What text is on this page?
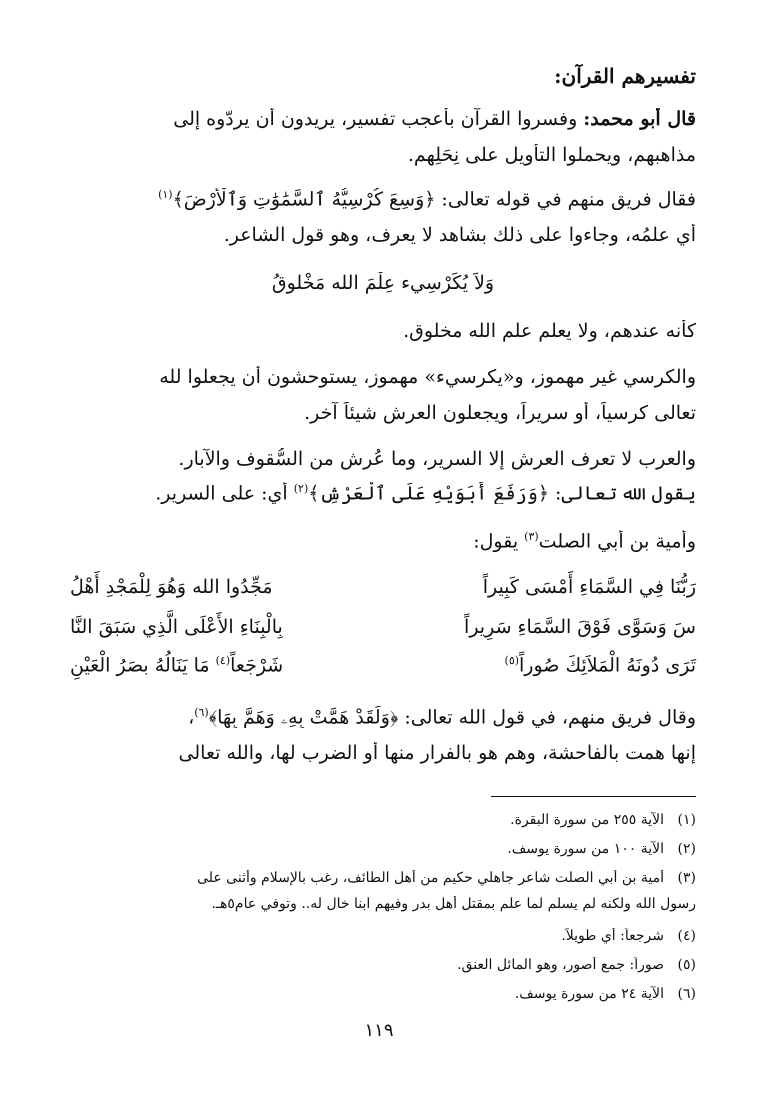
تفسيرهم القرآن:
قال أبو محمد: وفسروا القرآن بأعجب تفسير، يريدون أن يردّوه إلى
مذاهبهم، ويحملوا التأويل على نِحَلِهم.
فقال فريق منهم في قوله تعالى: ﴿وَسِعَ كُرْسِيُّهُ ٱلسَّمَٰوَٰتِ وَٱلْأَرْضَ﴾$^{(١)}$
أي علمُه، وجاءوا على ذلك بشاهد لا يعرف، وهو قول الشاعر.
وَلاَ يُكَرْسِيء عِلْمَ الله مَخْلوقُ
كأنه عندهم، ولا يعلم علم الله مخلوق.
والكرسي غير مهموز، و«يكرسيء» مهموز، يستوحشون أن يجعلوا لله
تعالى كرسياً، أو سريراً، ويجعلون العرش شيئاً آخر.
والعرب لا تعرف العرش إلا السرير، وما عُرِش من السُّقوف والآبار.
يقول الله تعالى: ﴿وَرَفَعَ أَبَوَيْهِ عَلَى ٱلْعَرْشِ﴾$^{(٢)}$ أي: على السرير.
وأمية بن أبي الصلت$^{(٣)}$ يقول:
رَبُّنَا فِي السَّمَاءِ أَمْسَى كَبِيراً
مَجِّدُوا الله وَهُوَ لِلْمَجْدِ أَهْلُ
سَ وَسَوَّى فَوْقَ السَّمَاءِ سَرِيراً
بِالْبِنَاءِ الأَعْلَى الَّذِي سَبَقَ النَّا
تَرَى دُونَهُ الْمَلاَئِكَ صُوراً$^{(٥)}$
شَرْجَعاً$^{(٤)}$ مَا يَنَالُهُ بصَرُ الْعَيْنِ
وقال فريق منهم، في قول الله تعالى: ﴿وَلَقَدْ هَمَّتْ بِهِۦ وَهَمَّ بِهَا﴾$^{(٦)}$،
إنها همت بالفاحشة، وهم هو بالفرار منها أو الضرب لها، والله تعالى
(١)الآية ٢٥٥ من سورة البقرة.
(٢)الآية ١٠٠ من سورة يوسف.
(٣)أمية بن أبي الصلت شاعر جاهلي حكيم من أهل الطائف، رغب بالإسلام وأثنى على
رسول الله ولكنه لم يسلم لما علم بمقتل أهل بدر وفيهم ابنا خال له.. وتوفي عام٥هـ.
(٤)شرجعاً: أي طويلاً.
(٥)صوراً: جمع أصور، وهو المائل العنق.
(٦)الآية ٢٤ من سورة يوسف.
١١٩
